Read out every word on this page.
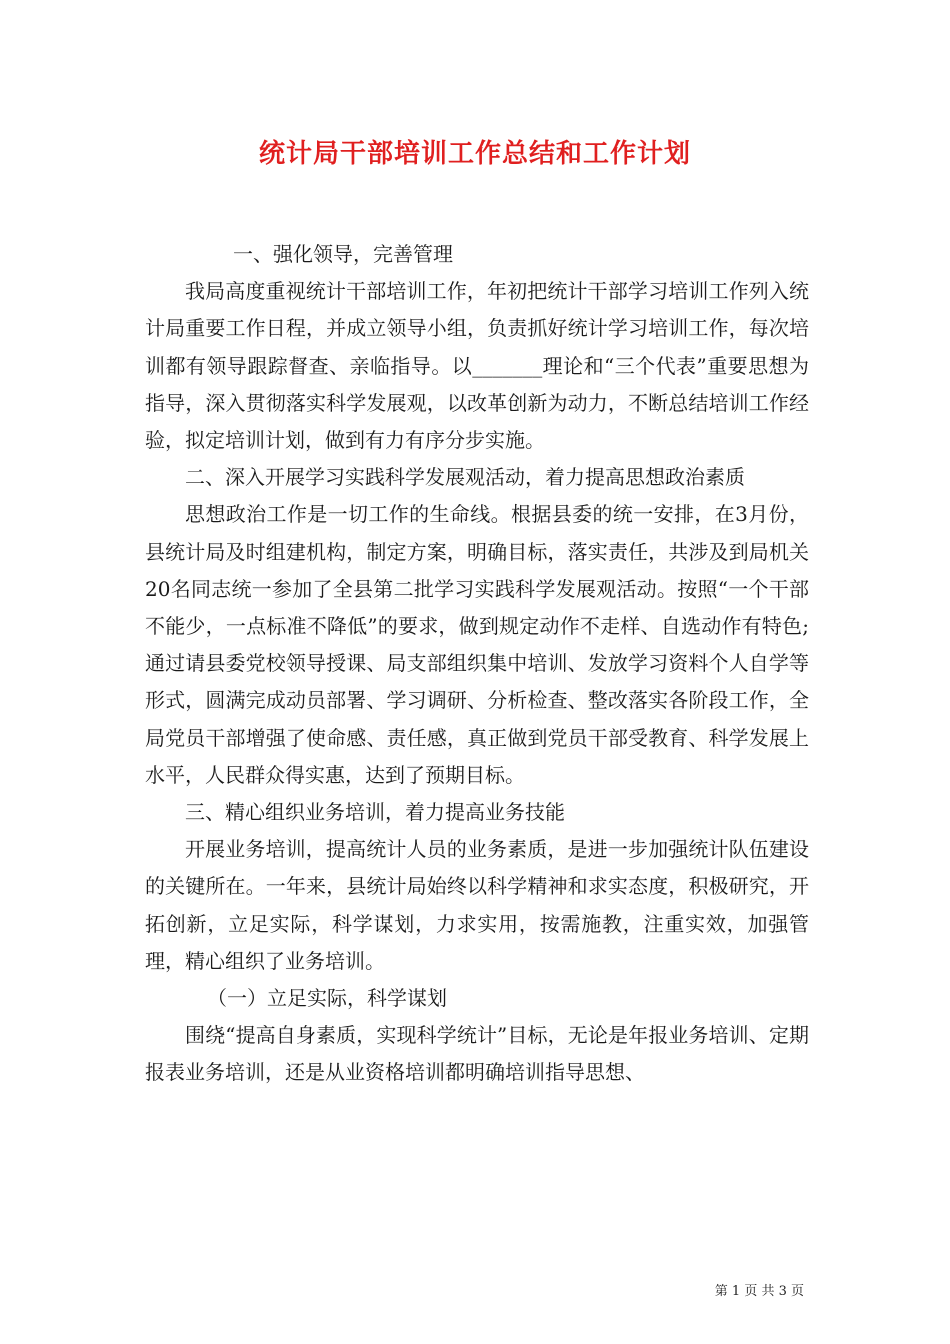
统计局干部培训工作总结和工作计划

一、强化领导，完善管理

我局高度重视统计干部培训工作，年初把统计干部学习培训工作列入统计局重要工作日程，并成立领导小组，负责抓好统计学习培训工作，每次培训都有领导跟踪督查、亲临指导。以_______理论和“三个代表”重要思想为指导，深入贯彻落实科学发展观，以改革创新为动力，不断总结培训工作经验，拟定培训计划，做到有力有序分步实施。

二、深入开展学习实践科学发展观活动，着力提高思想政治素质

思想政治工作是一切工作的生命线。根据县委的统一安排，在3月份，县统计局及时组建机构，制定方案，明确目标，落实责任，共涉及到局机关20名同志统一参加了全县第二批学习实践科学发展观活动。按照“一个干部不能少，一点标准不降低”的要求，做到规定动作不走样、自选动作有特色;通过请县委党校领导授课、局支部组织集中培训、发放学习资料个人自学等形式，圆满完成动员部署、学习调研、分析检查、整改落实各阶段工作，全局党员干部增强了使命感、责任感，真正做到党员干部受教育、科学发展上水平，人民群众得实惠，达到了预期目标。

三、精心组织业务培训，着力提高业务技能

开展业务培训，提高统计人员的业务素质，是进一步加强统计队伍建设的关键所在。一年来，县统计局始终以科学精神和求实态度，积极研究，开拓创新，立足实际，科学谋划，力求实用，按需施教，注重实效，加强管理，精心组织了业务培训。

（一）立足实际，科学谋划

围绕“提高自身素质，实现科学统计”目标，无论是年报业务培训、定期报表业务培训，还是从业资格培训都明确培训指导思想、

第 1 页 共 3 页
